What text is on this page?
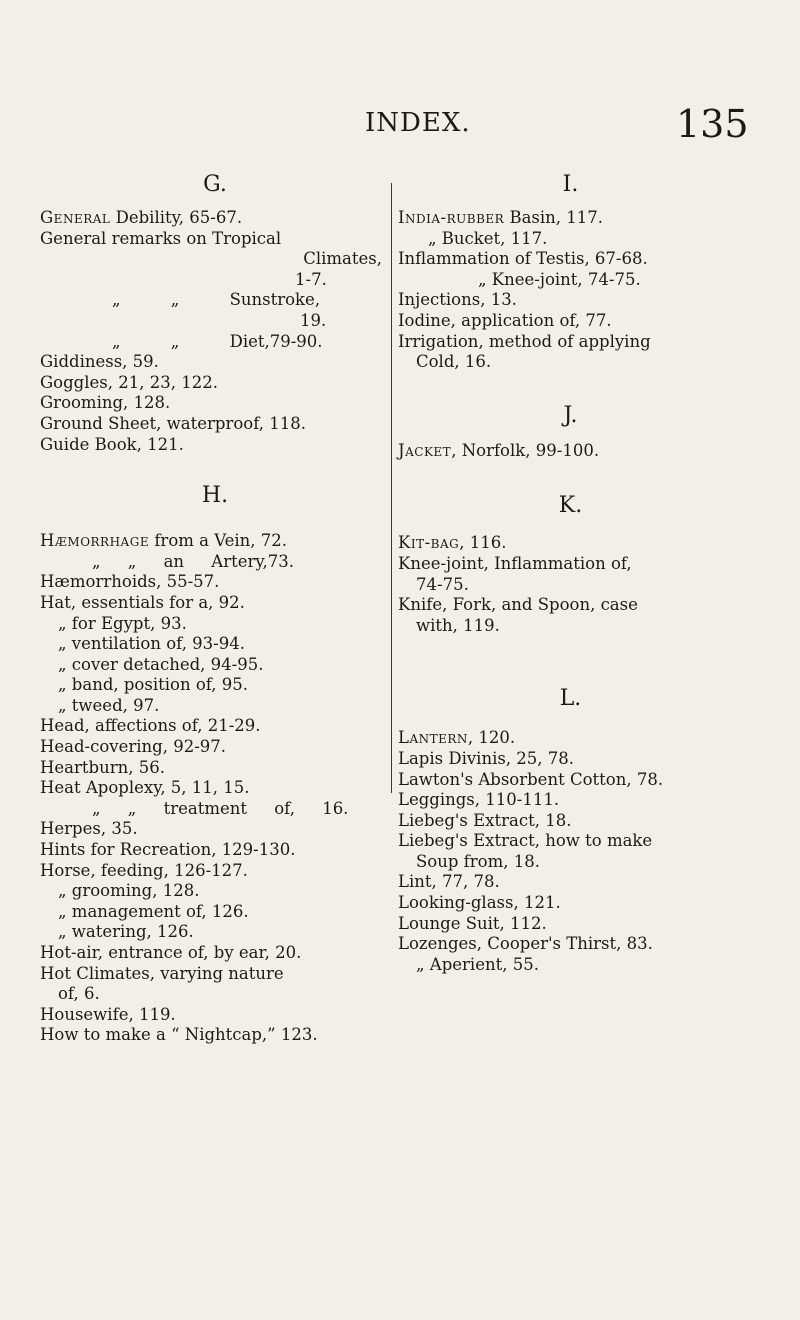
INDEX.	135
G.
General Debility, 65-67.
General remarks on Tropical
Climates,
1-7.
„ „ Sunstroke,
19.
„ „ Diet,79-90.
Giddiness, 59.
Goggles, 21, 23, 122.
Grooming, 128.
Ground Sheet, waterproof, 118.
Guide Book, 121.
H.
Hæmorrhage from a Vein, 72.
„ „ an Artery,73.
Hæmorrhoids, 55-57.
Hat, essentials for a, 92.
„ for Egypt, 93.
„ ventilation of, 93-94.
„ cover detached, 94-95.
„ band, position of, 95.
„ tweed, 97.
Head, affections of, 21-29.
Head-covering, 92-97.
Heartburn, 56.
Heat Apoplexy, 5, 11, 15.
„ „ treatment of, 16.
Herpes, 35.
Hints for Recreation, 129-130.
Horse, feeding, 126-127.
„ grooming, 128.
„ management of, 126.
„ watering, 126.
Hot-air, entrance of, by ear, 20.
Hot Climates, varying nature
of, 6.
Housewife, 119.
How to make a “ Nightcap,” 123.
I.
India-rubber Basin, 117.
„ Bucket, 117.
Inflammation of Testis, 67-68.
„ Knee-joint, 74-75.
Injections, 13.
Iodine, application of, 77.
Irrigation, method of applying
Cold, 16.
J.
Jacket, Norfolk, 99-100.
K.
Kit-bag, 116.
Knee-joint, Inflammation of,
74-75.
Knife, Fork, and Spoon, case
with, 119.
L.
Lantern, 120.
Lapis Divinis, 25, 78.
Lawton's Absorbent Cotton, 78.
Leggings, 110-111.
Liebeg's Extract, 18.
Liebeg's Extract, how to make
Soup from, 18.
Lint, 77, 78.
Looking-glass, 121.
Lounge Suit, 112.
Lozenges, Cooper's Thirst, 83.
„ Aperient, 55.
